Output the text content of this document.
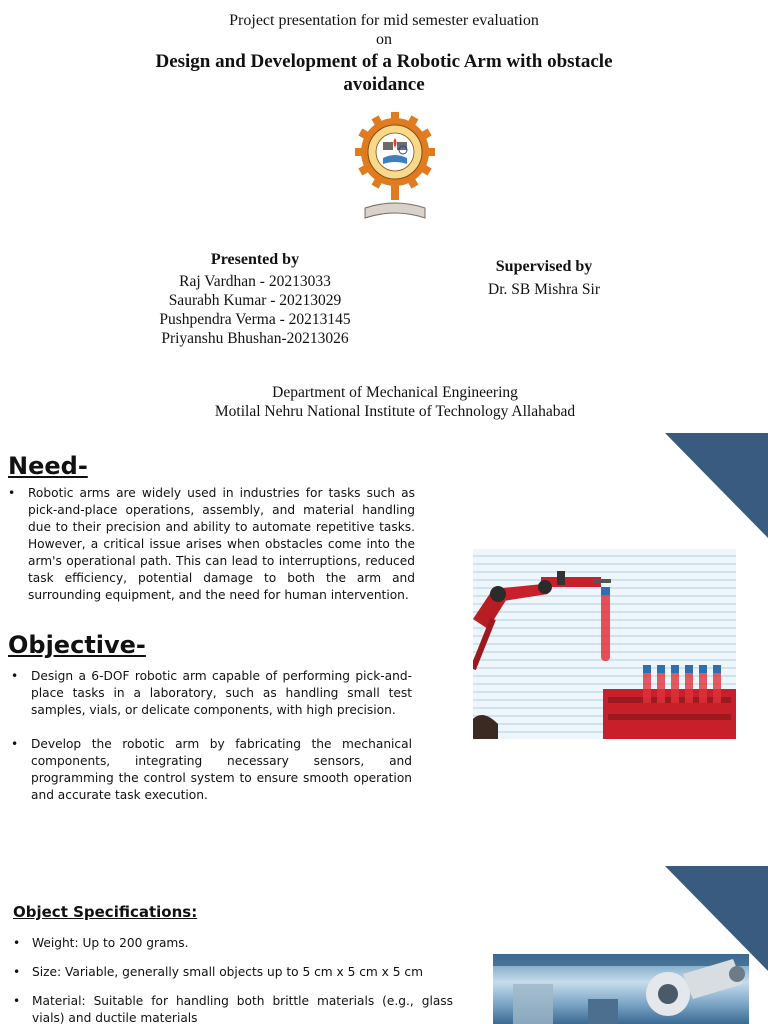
Project presentation for mid semester evaluation
on
Design and Development of a Robotic Arm with obstacle avoidance
Presented by
Raj Vardhan - 20213033
Saurabh Kumar - 20213029
Pushpendra Verma - 20213145
Priyanshu Bhushan-20213026
Supervised by
Dr. SB Mishra Sir
Department of Mechanical Engineering
Motilal Nehru National Institute of Technology Allahabad
Need-
• Robotic arms are widely used in industries for tasks such as pick-and-place operations, assembly, and material handling due to their precision and ability to automate repetitive tasks. However, a critical issue arises when obstacles come into the arm's operational path. This can lead to interruptions, reduced task efficiency, potential damage to both the arm and surrounding equipment, and the need for human intervention.
Objective-
• Design a 6-DOF robotic arm capable of performing pick-and-place tasks in a laboratory, such as handling small test samples, vials, or delicate components, with high precision.
• Develop the robotic arm by fabricating the mechanical components, integrating necessary sensors, and programming the control system to ensure smooth operation and accurate task execution.
Object Specifications:
• Weight: Up to 200 grams.
• Size: Variable, generally small objects up to 5 cm x 5 cm x 5 cm
• Material: Suitable for handling both brittle materials (e.g., glass vials) and ductile materials
